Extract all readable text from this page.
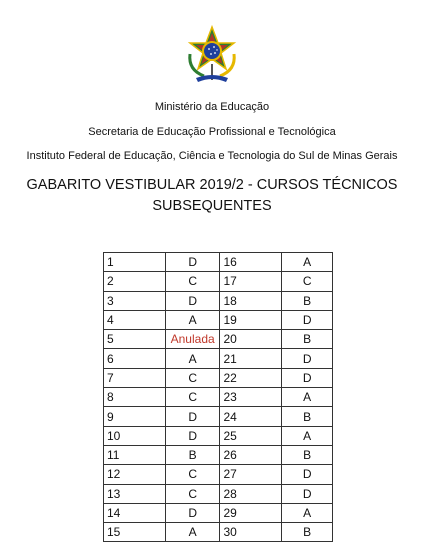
Ministério da Educação
Secretaria de Educação Profissional e Tecnológica
Instituto Federal de Educação, Ciência e Tecnologia do Sul de Minas Gerais
GABARITO VESTIBULAR 2019/2 - CURSOS TÉCNICOS
SUBSEQUENTES
1	D	16	A
2	C	17	C
3	D	18	B
4	A	19	D
5	Anulada	20	B
6	A	21	D
7	C	22	D
8	C	23	A
9	D	24	B
10	D	25	A
11	B	26	B
12	C	27	D
13	C	28	D
14	D	29	A
15	A	30	B
